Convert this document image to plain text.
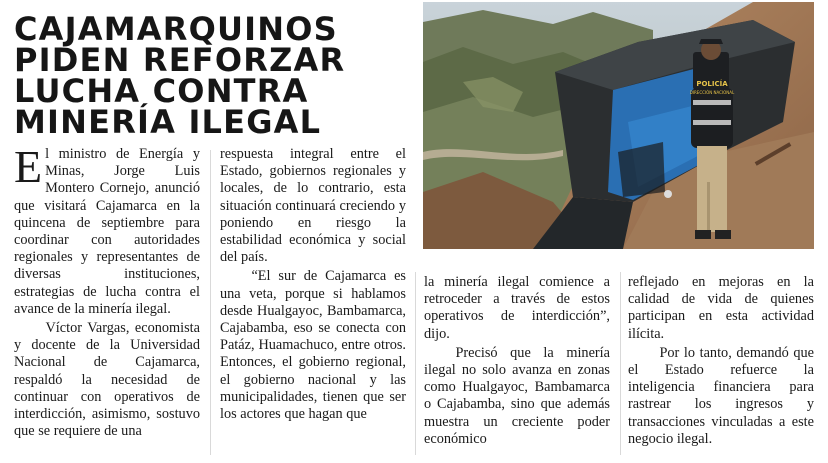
CAJAMARQUINOS PIDEN REFORZAR LUCHA CONTRA MINERÍA ILEGAL
POLICÍA
DIRECCIÓN NACIONAL

El ministro de Energía y Minas, Jorge Luis Montero Cornejo, anunció que visitará Cajamarca en la quincena de septiembre para coordinar con autoridades regionales y representantes de diversas instituciones, estrategias de lucha contra el avance de la minería ilegal.

Víctor Vargas, economista y docente de la Universidad Nacional de Cajamarca, respaldó la necesidad de continuar con operativos de interdicción, asimismo, sostuvo que se requiere de una

respuesta integral entre el Estado, gobiernos regionales y locales, de lo contrario, esta situación continuará creciendo y poniendo en riesgo la estabilidad económica y social del país.

“El sur de Cajamarca es una veta, porque si hablamos desde Hualgayoc, Bambamarca, Cajabamba, eso se conecta con Patáz, Huamachuco, entre otros. Entonces, el gobierno regional, el gobierno nacional y las municipalidades, tienen que ser los actores que hagan que

la minería ilegal comience a retroceder a través de estos operativos de interdicción”, dijo.

Precisó que la minería ilegal no solo avanza en zonas como Hualgayoc, Bambamarca o Cajabamba, sino que además muestra un creciente poder económico

reflejado en mejoras en la calidad de vida de quienes participan en esta actividad ilícita.

Por lo tanto, demandó que el Estado refuerce la inteligencia financiera para rastrear los ingresos y transacciones vinculadas a este negocio ilegal.
